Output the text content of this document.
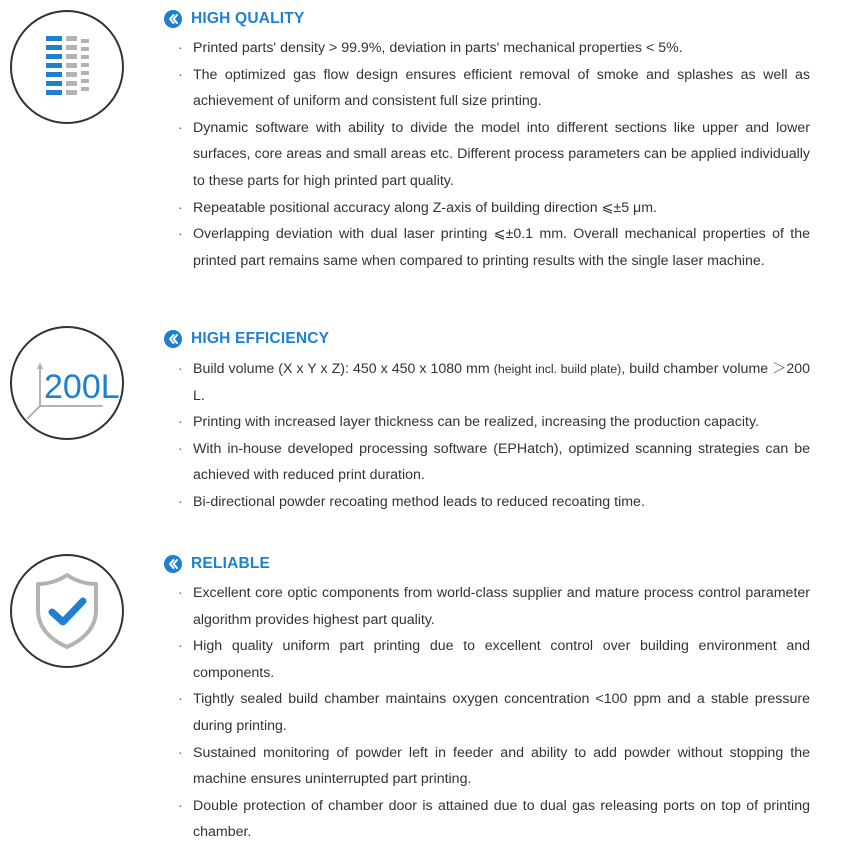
HIGH QUALITY
· Printed parts' density > 99.9%, deviation in parts' mechanical properties < 5%.
· The optimized gas flow design ensures efficient removal of smoke and splashes as well as achievement of uniform and consistent full size printing.
· Dynamic software with ability to divide the model into different sections like upper and lower surfaces, core areas and small areas etc. Different process parameters can be applied individually to these parts for high printed part quality.
· Repeatable positional accuracy along Z-axis of building direction ⩽±5 μm.
· Overlapping deviation with dual laser printing ⩽±0.1 mm. Overall mechanical properties of the printed part remains same when compared to printing results with the single laser machine.
200L
HIGH EFFICIENCY
· Build volume (X x Y x Z): 450 x 450 x 1080 mm (height incl. build plate), build chamber volume ＞200 L.
· Printing with increased layer thickness can be realized, increasing the production capacity.
· With in-house developed processing software (EPHatch), optimized scanning strategies can be achieved with reduced print duration.
· Bi-directional powder recoating method leads to reduced recoating time.
RELIABLE
· Excellent core optic components from world-class supplier and mature process control parameter algorithm provides highest part quality.
· High quality uniform part printing due to excellent control over building environment and components.
· Tightly sealed build chamber maintains oxygen concentration <100 ppm and a stable pressure during printing.
· Sustained monitoring of powder left in feeder and ability to add powder without stopping the machine ensures uninterrupted part printing.
· Double protection of chamber door is attained due to dual gas releasing ports on top of printing chamber.
